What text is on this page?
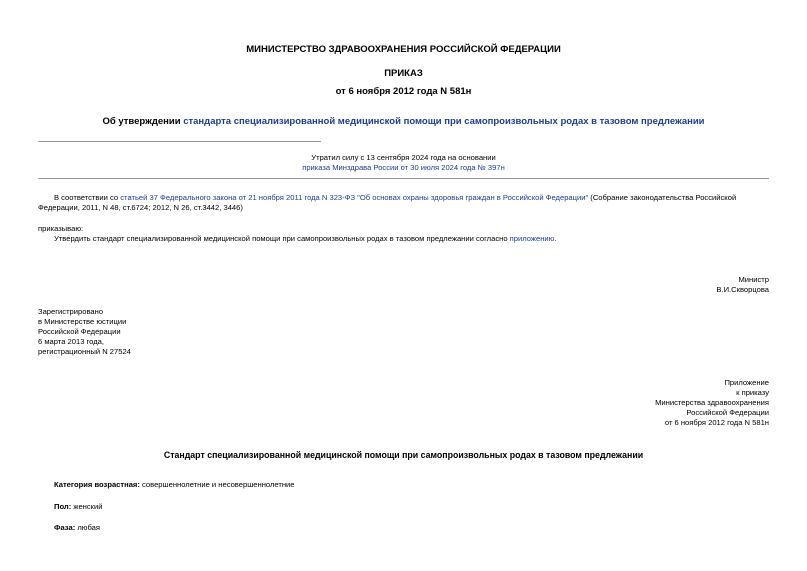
МИНИСТЕРСТВО ЗДРАВООХРАНЕНИЯ РОССИЙСКОЙ ФЕДЕРАЦИИ
ПРИКАЗ
от 6 ноября 2012 года N 581н
Об утверждении стандарта специализированной медицинской помощи при самопроизвольных родах в тазовом предлежании

Утратил силу с 13 сентября 2024 года на основании

приказа Минздрава России от 30 июля 2024 года № 397н

В соответствии со статьей 37 Федерального закона от 21 ноября 2011 года N 323-ФЗ "Об основах охраны здоровья граждан в Российской Федерации" (Собрание законодательства Российской Федерации, 2011, N 48, ст.6724; 2012, N 26, ст.3442, 3446)
приказываю:
Утвердить стандарт специализированной медицинской помощи при самопроизвольных родах в тазовом предлежании согласно приложению.

Министр

В.И.Скворцова

Зарегистрировано

в Министерстве юстиции

Российской Федерации

6 марта 2013 года,

регистрационный N 27524

Приложение

к приказу

Министерства здравоохранения

Российской Федерации

от 6 ноября 2012 года N 581н

Стандарт специализированной медицинской помощи при самопроизвольных родах в тазовом предлежании
Категория возрастная: совершеннолетние и несовершеннолетние
Пол: женский
Фаза: любая
